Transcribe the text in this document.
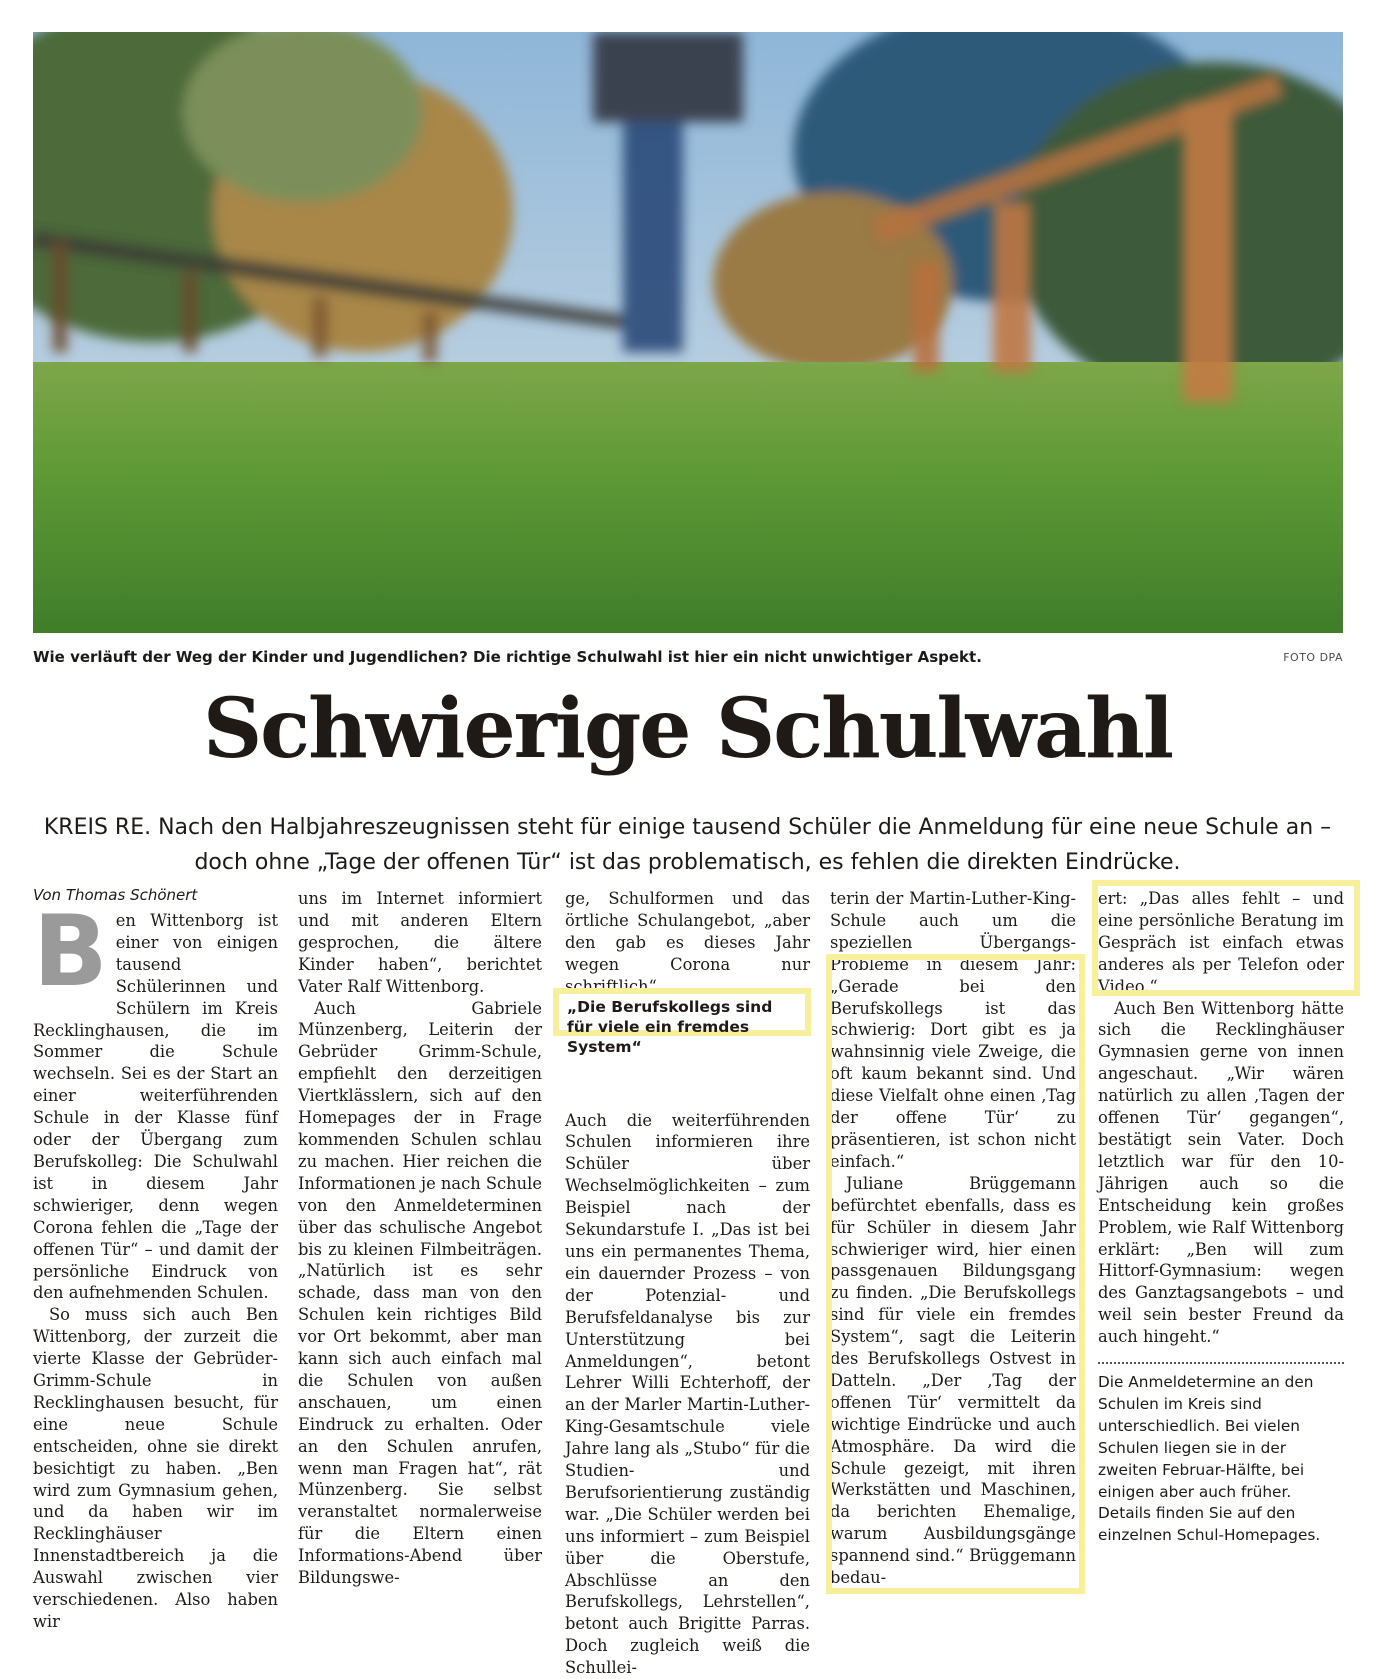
Wie verläuft der Weg der Kinder und Jugendlichen? Die richtige Schulwahl ist hier ein nicht unwichtiger Aspekt.	FOTO DPA
Schwierige Schulwahl
KREIS RE. Nach den Halbjahreszeugnissen steht für einige tausend Schüler die Anmeldung für eine neue Schule an – doch ohne „Tage der offenen Tür“ ist das problematisch, es fehlen die direkten Eindrücke.
Von Thomas Schönert

Ben Wittenborg ist einer von einigen tausend Schülerinnen und Schülern im Kreis Recklinghausen, die im Sommer die Schule wechseln. Sei es der Start an einer weiterführenden Schule in der Klasse fünf oder der Übergang zum Berufskolleg: Die Schulwahl ist in diesem Jahr schwieriger, denn wegen Corona fehlen die „Tage der offenen Tür“ – und damit der persönliche Eindruck von den aufnehmenden Schulen.

So muss sich auch Ben Wittenborg, der zurzeit die vierte Klasse der Gebrüder-Grimm-Schule in Recklinghausen besucht, für eine neue Schule entscheiden, ohne sie direkt besichtigt zu haben. „Ben wird zum Gymnasium gehen, und da haben wir im Recklinghäuser Innenstadtbereich ja die Auswahl zwischen vier verschiedenen. Also haben wir

uns im Internet informiert und mit anderen Eltern gesprochen, die ältere Kinder haben“, berichtet Vater Ralf Wittenborg.

Auch Gabriele Münzenberg, Leiterin der Gebrüder Grimm-Schule, empfiehlt den derzeitigen Viertklässlern, sich auf den Homepages der in Frage kommenden Schulen schlau zu machen. Hier reichen die Informationen je nach Schule von den Anmeldeterminen über das schulische Angebot bis zu kleinen Filmbeiträgen. „Natürlich ist es sehr schade, dass man von den Schulen kein richtiges Bild vor Ort bekommt, aber man kann sich auch einfach mal die Schulen von außen anschauen, um einen Eindruck zu erhalten. Oder an den Schulen anrufen, wenn man Fragen hat“, rät Münzenberg. Sie selbst veranstaltet normalerweise für die Eltern einen Informations-Abend über Bildungswe-

ge, Schulformen und das örtliche Schulangebot, „aber den gab es dieses Jahr wegen Corona nur schriftlich“.

Auch die weiterführenden Schulen informieren ihre Schüler über Wechselmöglichkeiten – zum Beispiel nach der Sekundarstufe I. „Das ist bei uns ein permanentes Thema, ein dauernder Prozess – von der Potenzial- und Berufsfeldanalyse bis zur Unterstützung bei Anmeldungen“, betont Lehrer Willi Echterhoff, der an der Marler Martin-Luther-King-Gesamtschule viele Jahre lang als „Stubo“ für die Studien- und Berufsorientierung zuständig war. „Die Schüler werden bei uns informiert – zum Beispiel über die Oberstufe, Abschlüsse an den Berufskollegs, Lehrstellen“, betont auch Brigitte Parras. Doch zugleich weiß die Schullei-

„Die Berufskollegs sind für viele ein fremdes System“

terin der Martin-Luther-King-Schule auch um die speziellen Übergangs-Probleme in diesem Jahr: „Gerade bei den Berufskollegs ist das schwierig: Dort gibt es ja wahnsinnig viele Zweige, die oft kaum bekannt sind. Und diese Vielfalt ohne einen ‚Tag der offene Tür‘ zu präsentieren, ist schon nicht einfach.“

Juliane Brüggemann befürchtet ebenfalls, dass es für Schüler in diesem Jahr schwieriger wird, hier einen passgenauen Bildungsgang zu finden. „Die Berufskollegs sind für viele ein fremdes System“, sagt die Leiterin des Berufskollegs Ostvest in Datteln. „Der ‚Tag der offenen Tür‘ vermittelt da wichtige Eindrücke und auch Atmosphäre. Da wird die Schule gezeigt, mit ihren Werkstätten und Maschinen, da berichten Ehemalige, warum Ausbildungsgänge spannend sind.“ Brüggemann bedau-

ert: „Das alles fehlt – und eine persönliche Beratung im Gespräch ist einfach etwas anderes als per Telefon oder Video.“

Auch Ben Wittenborg hätte sich die Recklinghäuser Gymnasien gerne von innen angeschaut. „Wir wären natürlich zu allen ‚Tagen der offenen Tür‘ gegangen“, bestätigt sein Vater. Doch letztlich war für den 10-Jährigen auch so die Entscheidung kein großes Problem, wie Ralf Wittenborg erklärt: „Ben will zum Hittorf-Gymnasium: wegen des Ganztagsangebots – und weil sein bester Freund da auch hingeht.“

Die Anmeldetermine an den Schulen im Kreis sind unterschiedlich. Bei vielen Schulen liegen sie in der zweiten Februar-Hälfte, bei einigen aber auch früher. Details finden Sie auf den einzelnen Schul-Homepages.
